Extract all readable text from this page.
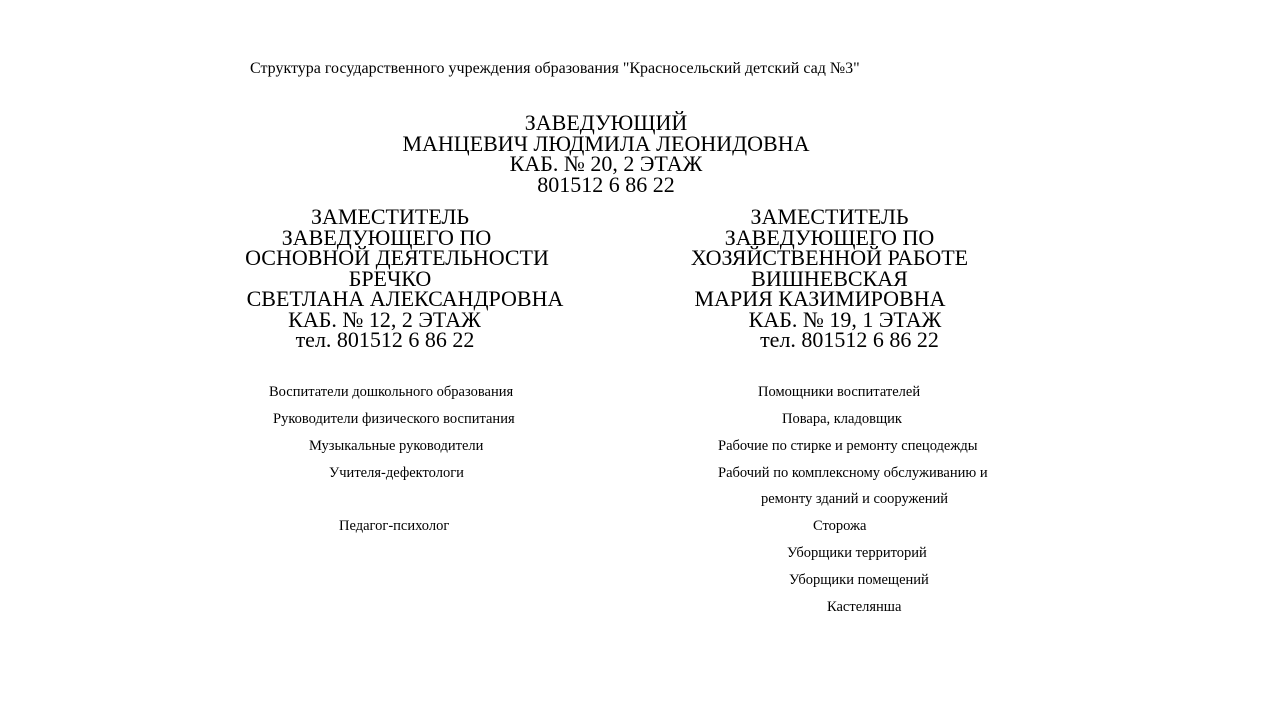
Структура государственного учреждения образования "Красносельский детский сад №3"
ЗАВЕДУЮЩИЙ
МАНЦЕВИЧ ЛЮДМИЛА ЛЕОНИДОВНА
КАБ. № 20, 2 ЭТАЖ
801512 6 86 22
ЗАМЕСТИТЕЛЬ
ЗАВЕДУЮЩЕГО ПО
ОСНОВНОЙ ДЕЯТЕЛЬНОСТИ
БРЕЧКО
СВЕТЛАНА АЛЕКСАНДРОВНА
КАБ. № 12, 2 ЭТАЖ
тел. 801512 6 86 22
ЗАМЕСТИТЕЛЬ
ЗАВЕДУЮЩЕГО ПО
ХОЗЯЙСТВЕННОЙ РАБОТЕ
ВИШНЕВСКАЯ
МАРИЯ КАЗИМИРОВНА
КАБ. № 19, 1 ЭТАЖ
тел. 801512 6 86 22
Воспитатели дошкольного образования
Руководители физического воспитания
Музыкальные руководители
Учителя-дефектологи
Педагог-психолог
Помощники воспитателей
Повара, кладовщик
Рабочие по стирке и ремонту спецодежды
Рабочий по комплексному обслуживанию и
ремонту зданий и сооружений
Сторожа
Уборщики территорий
Уборщики помещений
Кастелянша
